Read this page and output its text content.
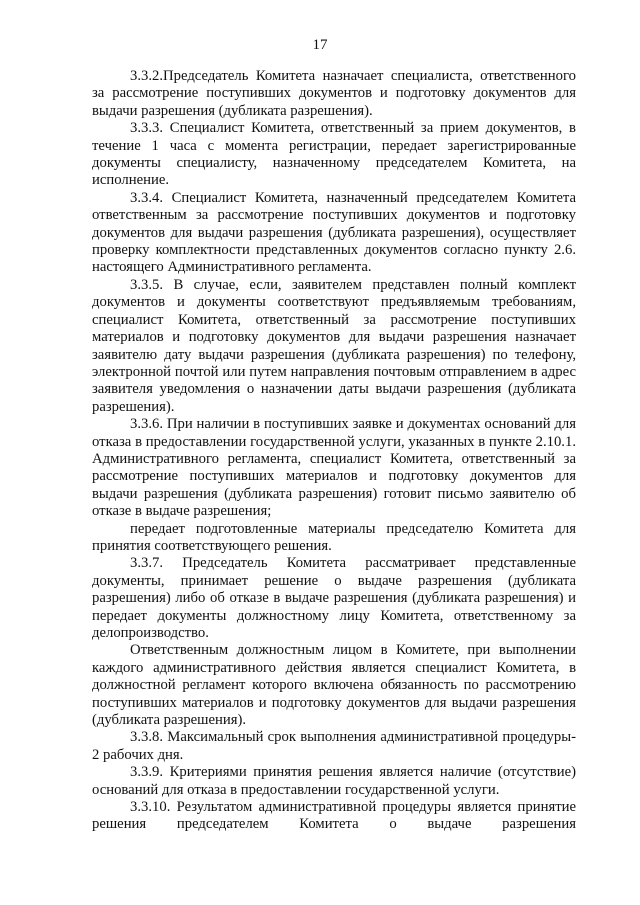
17

3.3.2.Председатель Комитета назначает специалиста, ответственного за рассмотрение поступивших документов и подготовку документов для выдачи разрешения (дубликата разрешения).

3.3.3. Специалист Комитета, ответственный за прием документов, в течение 1 часа с момента регистрации, передает зарегистрированные документы специалисту, назначенному председателем Комитета, на исполнение.

3.3.4. Специалист Комитета, назначенный председателем Комитета ответственным за рассмотрение поступивших документов и подготовку документов для выдачи разрешения (дубликата разрешения), осуществляет проверку комплектности представленных документов согласно пункту 2.6. настоящего Административного регламента.

3.3.5. В случае, если, заявителем представлен полный комплект документов и документы соответствуют предъявляемым требованиям, специалист Комитета, ответственный за рассмотрение поступивших материалов и подготовку документов для выдачи разрешения назначает заявителю дату выдачи разрешения (дубликата разрешения) по телефону, электронной почтой или путем направления почтовым отправлением в адрес заявителя уведомления о назначении даты выдачи разрешения (дубликата разрешения).

3.3.6. При наличии в поступивших заявке и документах оснований для отказа в предоставлении государственной услуги, указанных в пункте 2.10.1. Административного регламента, специалист Комитета, ответственный за рассмотрение поступивших материалов и подготовку документов для выдачи разрешения (дубликата разрешения) готовит письмо заявителю об отказе в выдаче разрешения;

передает подготовленные материалы председателю Комитета для принятия соответствующего решения.

3.3.7. Председатель Комитета рассматривает представленные документы, принимает решение о выдаче разрешения (дубликата разрешения) либо об отказе в выдаче разрешения (дубликата разрешения) и передает документы должностному лицу Комитета, ответственному за делопроизводство.

Ответственным должностным лицом в Комитете, при выполнении каждого административного действия является специалист Комитета, в должностной регламент которого включена обязанность по рассмотрению поступивших материалов и подготовку документов для выдачи разрешения (дубликата разрешения).

3.3.8. Максимальный срок выполнения административной процедуры- 2 рабочих дня.

3.3.9. Критериями принятия решения является наличие (отсутствие) оснований для отказа в предоставлении государственной услуги.

3.3.10. Результатом административной процедуры является принятие решения председателем Комитета о выдаче разрешения
